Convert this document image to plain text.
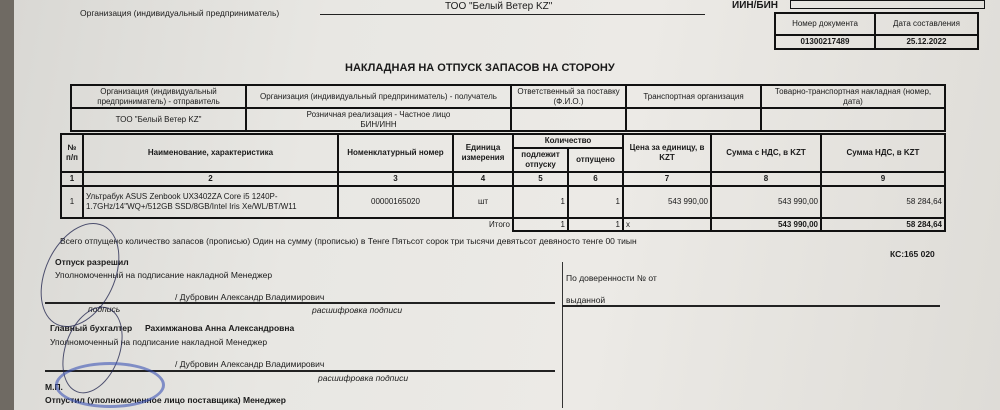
Организация (индивидуальный предприниматель)
ТОО "Белый Ветер KZ"	ИИН/БИН
Номер документа	Дата составления
01300217489	25.12.2022
НАКЛАДНАЯ НА ОТПУСК ЗАПАСОВ НА СТОРОНУ
Организация (индивидуальный предприниматель) - отправитель	Организация (индивидуальный предприниматель) - получатель	Ответственный за поставку (Ф.И.О.)	Транспортная организация	Товарно-транспортная накладная (номер, дата)
ТОО "Белый Ветер KZ"	Розничная реализация - Частное лицо
БИН/ИНН			

№ п/п	Наименование, характеристика	Номенклатурный номер	Единица измерения	Количество		Цена за единицу, в KZT	Сумма с НДС, в KZT	Сумма НДС, в KZT
				подлежит отпуску	отпущено			
1	2	3	4	5	6	7	8	9
1	Ультрабук ASUS Zenbook UX3402ZA Core i5 1240P-1.7GHz/14"WQ+/512GB SSD/8GB/Intel Iris Xe/WL/BT/W11	00000165020	шт	1	1	543 990,00	543 990,00	58 284,64
Итого				1	1	х	543 990,00	58 284,64
Всего отпущено количество запасов (прописью) Один на сумму (прописью) в Тенге Пятьсот сорок три тысячи девятьсот девяносто тенге 00 тиын
КС:165 020
Отпуск разрешил
Уполномоченный на подписание накладной Менеджер
/ Дубровин Александр Владимирович
подпись	расшифровка подписи
Главный бухгалтер Рахимжанова Анна Александровна
Уполномоченный на подписание накладной Менеджер
/ Дубровин Александр Владимирович
расшифровка подписи
М.П.
Отпустил (уполномоченное лицо поставщика) Менеджер
По доверенности № от
выданной
